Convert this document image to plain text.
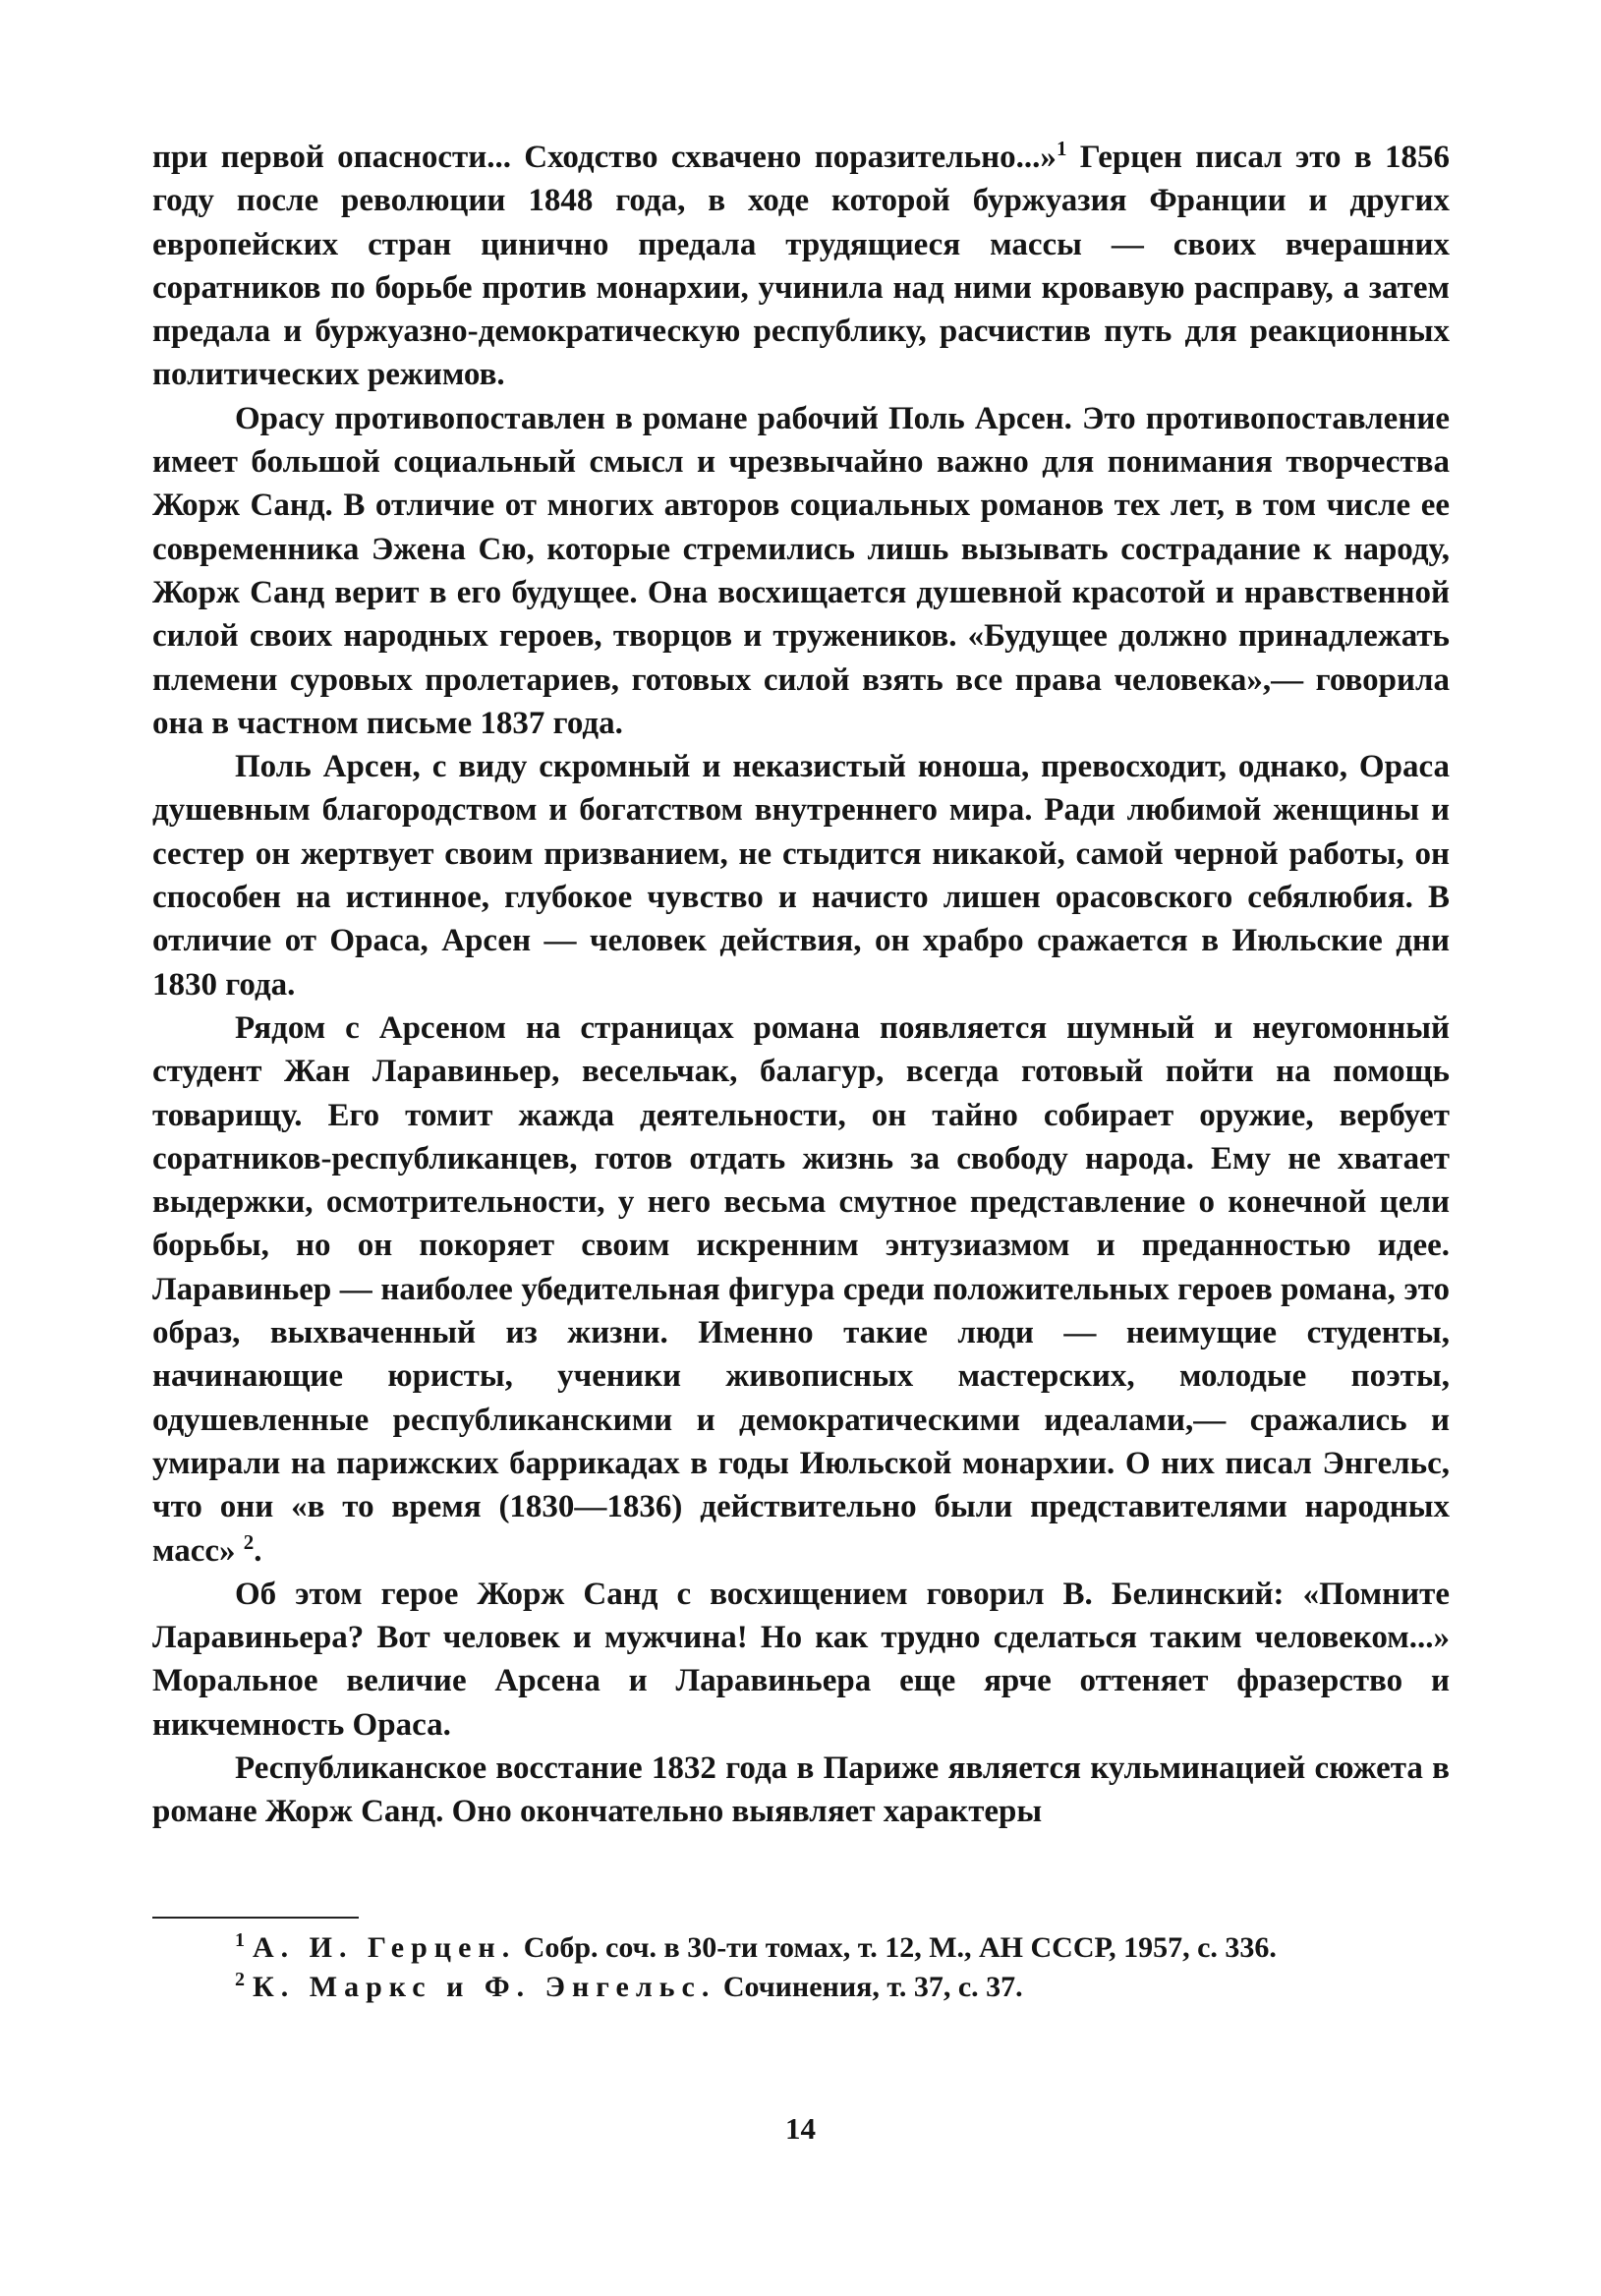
при первой опасности... Сходство схвачено поразительно...»$^1$ Герцен писал это в 1856 году после революции 1848 года, в ходе которой буржуазия Франции и других европейских стран цинично предала трудящиеся массы — своих вчерашних соратников по борьбе против монархии, учинила над ними кровавую расправу, а затем предала и буржуазно-демократическую республику, расчистив путь для реакционных политических режимов.

Орасу противопоставлен в романе рабочий Поль Арсен. Это противопоставление имеет большой социальный смысл и чрезвычайно важно для понимания творчества Жорж Санд. В отличие от многих авторов социальных романов тех лет, в том числе ее современника Эжена Сю, которые стремились лишь вызывать сострадание к народу, Жорж Санд верит в его будущее. Она восхищается душевной красотой и нравственной силой своих народных героев, творцов и тружеников. «Будущее должно принадлежать племени суровых пролетариев, готовых силой взять все права человека»,— говорила она в частном письме 1837 года.

Поль Арсен, с виду скромный и неказистый юноша, превосходит, однако, Ораса душевным благородством и богатством внутреннего мира. Ради любимой женщины и сестер он жертвует своим призванием, не стыдится никакой, самой черной работы, он способен на истинное, глубокое чувство и начисто лишен орасовского себялюбия. В отличие от Ораса, Арсен — человек действия, он храбро сражается в Июльские дни 1830 года.

Рядом с Арсеном на страницах романа появляется шумный и неугомонный студент Жан Ларавиньер, весельчак, балагур, всегда готовый пойти на помощь товарищу. Его томит жажда деятельности, он тайно собирает оружие, вербует соратников-республиканцев, готов отдать жизнь за свободу народа. Ему не хватает выдержки, осмотрительности, у него весьма смутное представление о конечной цели борьбы, но он покоряет своим искренним энтузиазмом и преданностью идее. Ларавиньер — наиболее убедительная фигура среди положительных героев романа, это образ, выхваченный из жизни. Именно такие люди — неимущие студенты, начинающие юристы, ученики живописных мастерских, молодые поэты, одушевленные республиканскими и демократическими идеалами,— сражались и умирали на парижских баррикадах в годы Июльской монархии. О них писал Энгельс, что они «в то время (1830—1836) действительно были представителями народных масс» $^2$.

Об этом герое Жорж Санд с восхищением говорил В. Белинский: «Помните Ларавиньера? Вот человек и мужчина! Но как трудно сделаться таким человеком...» Моральное величие Арсена и Ларавиньера еще ярче оттеняет фразерство и никчемность Ораса.

Республиканское восстание 1832 года в Париже является кульминацией сюжета в романе Жорж Санд. Оно окончательно выявляет характеры

$^1$ А. И. Герцен. Собр. соч. в 30-ти томах, т. 12, М., АН СССР, 1957, с. 336.

$^2$ К. Маркс и Ф. Энгельс. Сочинения, т. 37, с. 37.

14
